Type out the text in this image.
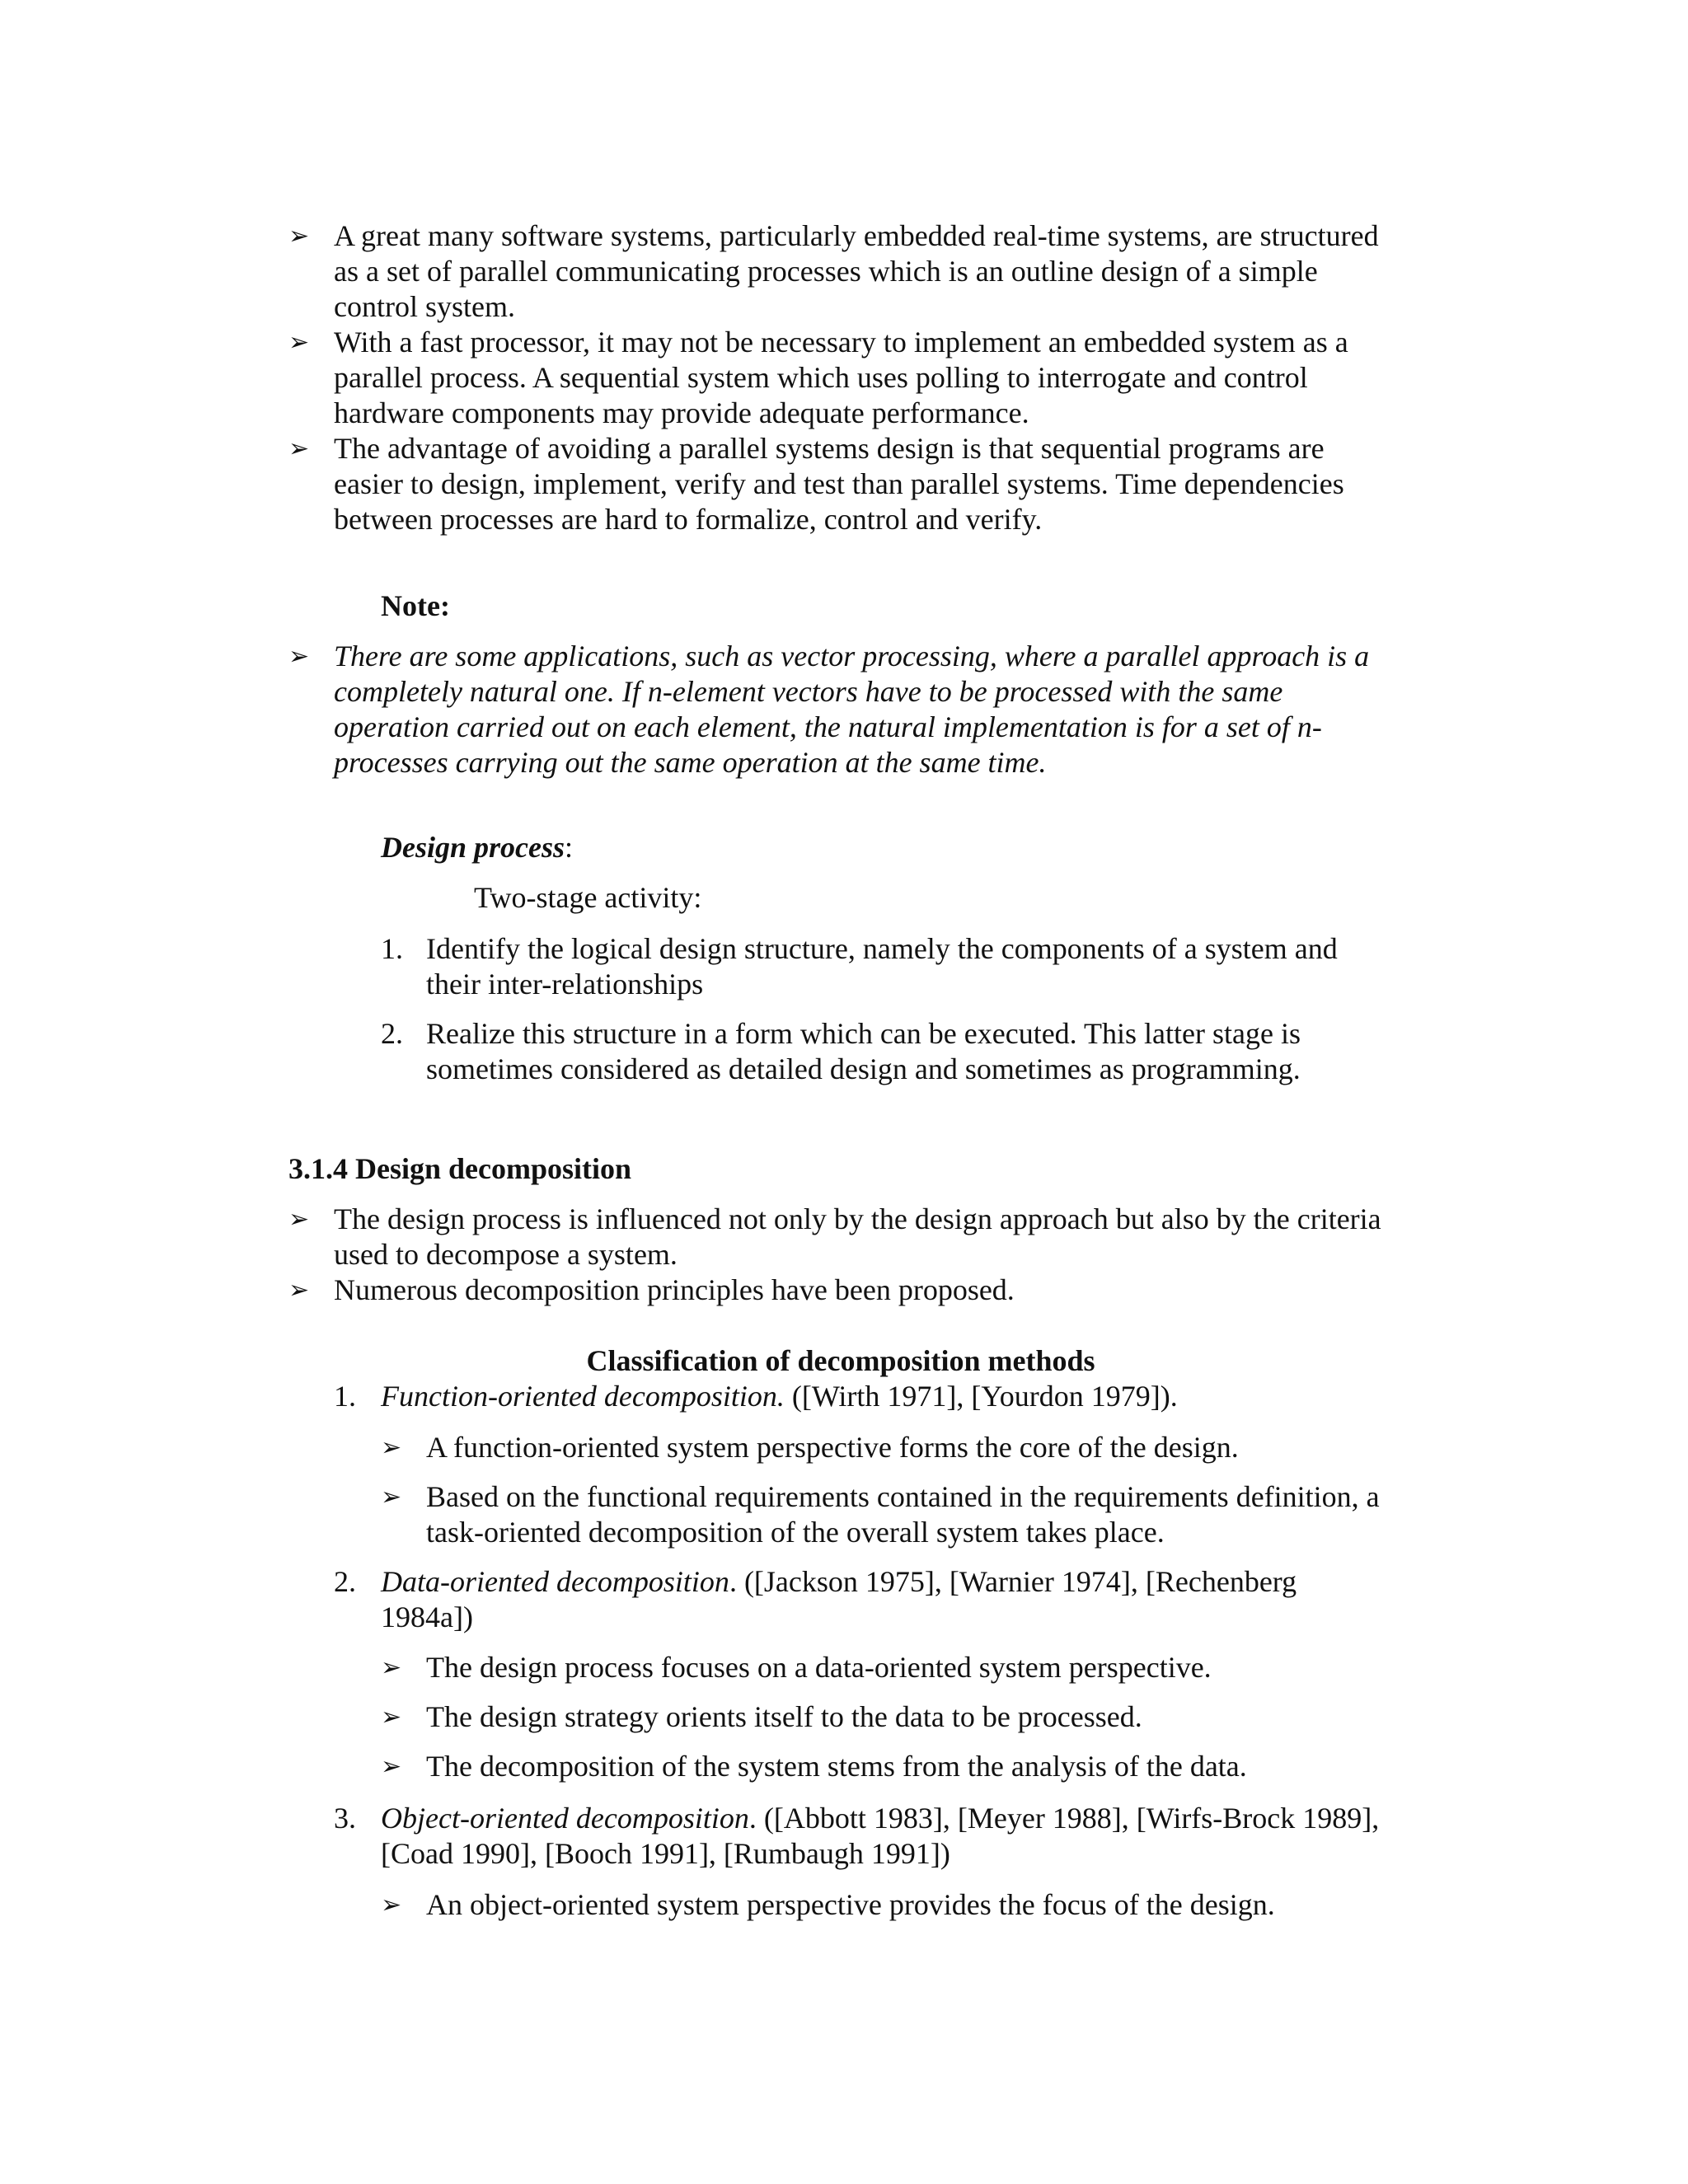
➢ A great many software systems, particularly embedded real-time systems, are structured as a set of parallel communicating processes which is an outline design of a simple control system.

➢ With a fast processor, it may not be necessary to implement an embedded system as a parallel process. A sequential system which uses polling to interrogate and control hardware components may provide adequate performance.

➢ The advantage of avoiding a parallel systems design is that sequential programs are easier to design, implement, verify and test than parallel systems. Time dependencies between processes are hard to formalize, control and verify.

Note:
➢ There are some applications, such as vector processing, where a parallel approach is a completely natural one. If n-element vectors have to be processed with the same operation carried out on each element, the natural implementation is for a set of n-processes carrying out the same operation at the same time.

Design process:
Two-stage activity:
1. Identify the logical design structure, namely the components of a system and their inter-relationships

2. Realize this structure in a form which can be executed. This latter stage is sometimes considered as detailed design and sometimes as programming.

3.1.4 Design decomposition
➢ The design process is influenced not only by the design approach but also by the criteria used to decompose a system.

➢ Numerous decomposition principles have been proposed.

Classification of decomposition methods
1. Function-oriented decomposition. ([Wirth 1971], [Yourdon 1979]).

➢ A function-oriented system perspective forms the core of the design.

➢ Based on the functional requirements contained in the requirements definition, a task-oriented decomposition of the overall system takes place.

2. Data-oriented decomposition. ([Jackson 1975], [Warnier 1974], [Rechenberg 1984a])

➢ The design process focuses on a data-oriented system perspective.

➢ The design strategy orients itself to the data to be processed.

➢ The decomposition of the system stems from the analysis of the data.

3. Object-oriented decomposition. ([Abbott 1983], [Meyer 1988], [Wirfs-Brock 1989], [Coad 1990], [Booch 1991], [Rumbaugh 1991])

➢ An object-oriented system perspective provides the focus of the design.
